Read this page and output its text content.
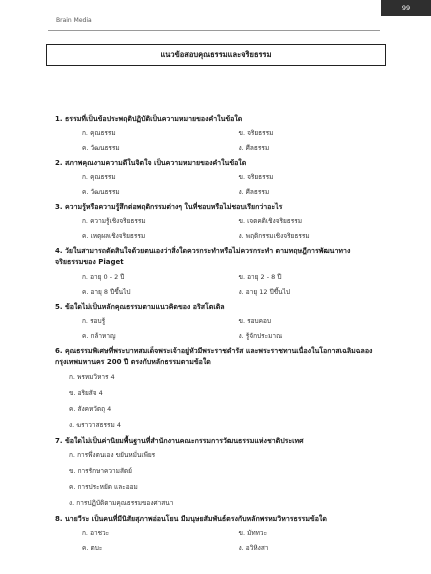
Brain Media
99
แนวข้อสอบคุณธรรมและจริยธรรม
1. ธรรมที่เป็นข้อประพฤติปฏิบัติเป็นความหมายของคำในข้อใด
ก. คุณธรรม	ข. จริยธรรม
ค. วัฒนธรรม	ง. ศีลธรรม
2. สภาพคุณงามความดีในจิตใจ เป็นความหมายของคำในข้อใด
ก. คุณธรรม	ข. จริยธรรม
ค. วัฒนธรรม	ง. ศีลธรรม
3. ความรู้หรือความรู้สึกต่อพฤติกรรมต่างๆ ในที่ชอบหรือไม่ชอบเรียกว่าอะไร
ก. ความรู้เชิงจริยธรรม	ข. เจตคติเชิงจริยธรรม
ค. เหตุผลเชิงจริยธรรม	ง. พฤติกรรมเชิงจริยธรรม
4. วัยในสามารถตัดสินใจด้วยตนเองว่าสิ่งใดควรกระทำหรือไม่ควรกระทำ ตามทฤษฎีการพัฒนาทาง
จริยธรรมของ Piaget
ก. อายุ 0 - 2 ปี	ข. อายุ 2 - 8 ปี
ค. อายุ 8 ปีขึ้นไป	ง. อายุ 12 ปีขึ้นไป
5. ข้อใดไม่เป็นหลักคุณธรรมตามแนวคิดของ อริสโตเติล
ก. รอบรู้	ข. รอบคอบ
ค. กล้าหาญ	ง. รู้จักประมาณ
6. คุณธรรมพิเศษที่พระบาทสมเด็จพระเจ้าอยู่หัวมีพระราชดำรัส และพระราชทานเนื่องในโอกาสเฉลิมฉลอง
กรุงเทพมหานคร 200 ปี ตรงกับหลักธรรมตามข้อใด
ก. พรหมวิหาร 4
ข. อริยสัจ 4
ค. สังคหวัตถุ 4
ง. ฆราวาสธรรม 4
7. ข้อใดไม่เป็นค่านิยมพื้นฐานที่สำนักงานคณะกรรมการวัฒนธรรมแห่งชาติประเทศ
ก. การพึ่งตนเอง ขยันหมั่นเพียร
ข. การรักษาความสัตย์
ค. การประหยัด และออม
ง. การปฏิบัติตามคุณธรรมของศาสนา
8. นายวีระ เป็นคนที่มีนิสัยสุภาพอ่อนโยน มีมนุษยสัมพันธ์ตรงกับหลักพรหมวิหารธรรมข้อใด
ก. อาชวะ	ข. มัททวะ
ค. ตบะ	ง. อวิหิงสา
